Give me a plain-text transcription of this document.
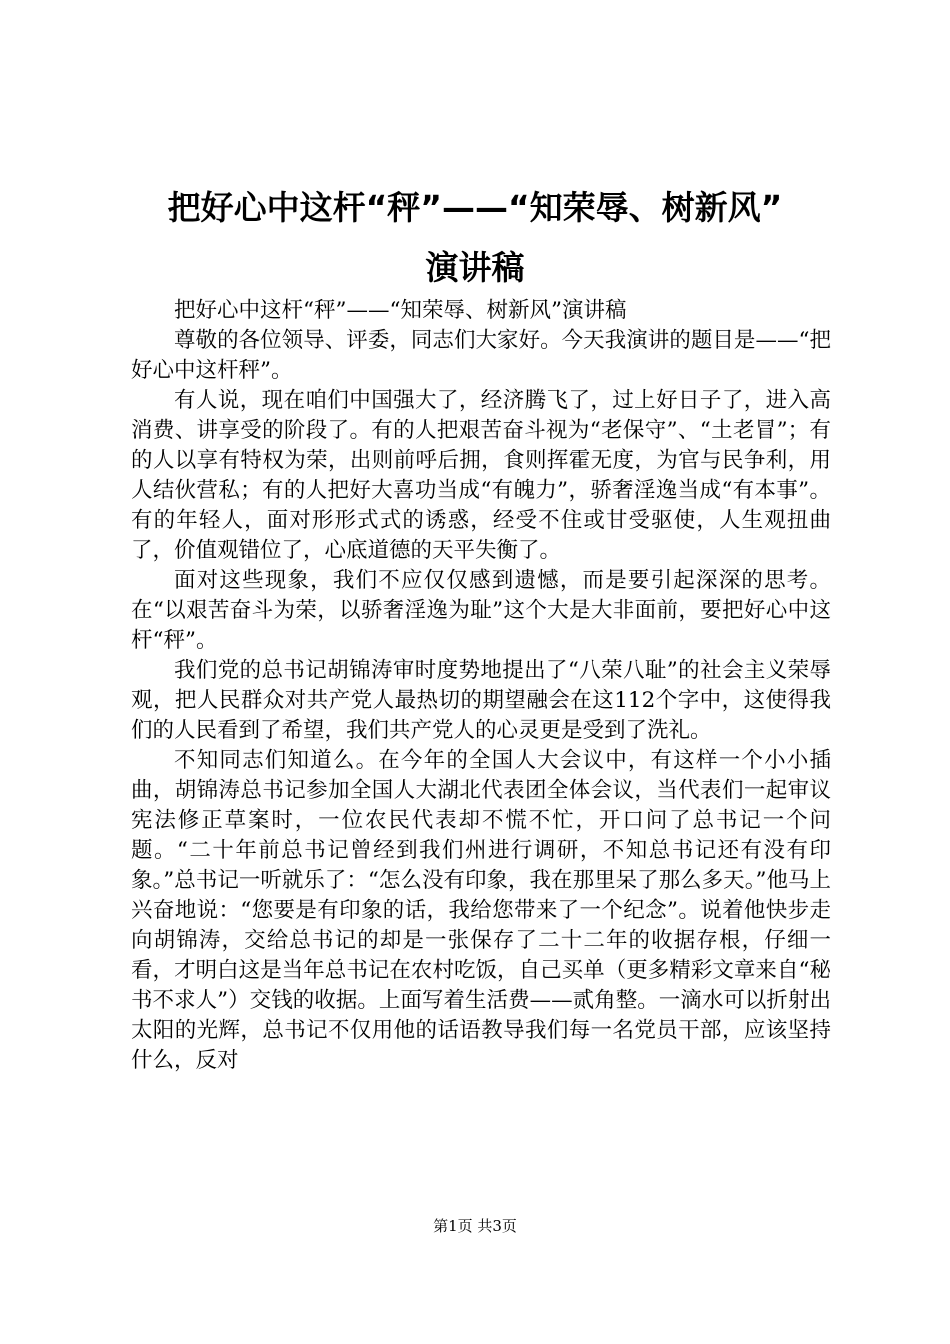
把好心中这杆“秤”——“知荣辱、树新风”
演讲稿

把好心中这杆“秤”——“知荣辱、树新风”演讲稿

尊敬的各位领导、评委，同志们大家好。今天我演讲的题目是——“把好心中这杆秤”。

有人说，现在咱们中国强大了，经济腾飞了，过上好日子了，进入高消费、讲享受的阶段了。有的人把艰苦奋斗视为“老保守”、“土老冒”；有的人以享有特权为荣，出则前呼后拥，食则挥霍无度，为官与民争利，用人结伙营私；有的人把好大喜功当成“有魄力”，骄奢淫逸当成“有本事”。有的年轻人，面对形形式式的诱惑，经受不住或甘受驱使，人生观扭曲了，价值观错位了，心底道德的天平失衡了。

面对这些现象，我们不应仅仅感到遗憾，而是要引起深深的思考。在“以艰苦奋斗为荣，以骄奢淫逸为耻”这个大是大非面前，要把好心中这杆“秤”。

我们党的总书记胡锦涛审时度势地提出了“八荣八耻”的社会主义荣辱观，把人民群众对共产党人最热切的期望融会在这112个字中，这使得我们的人民看到了希望，我们共产党人的心灵更是受到了洗礼。

不知同志们知道么。在今年的全国人大会议中，有这样一个小小插曲，胡锦涛总书记参加全国人大湖北代表团全体会议，当代表们一起审议宪法修正草案时，一位农民代表却不慌不忙，开口问了总书记一个问题。“二十年前总书记曾经到我们州进行调研，不知总书记还有没有印象。”总书记一听就乐了：“怎么没有印象，我在那里呆了那么多天。”他马上兴奋地说：“您要是有印象的话，我给您带来了一个纪念”。说着他快步走向胡锦涛，交给总书记的却是一张保存了二十二年的收据存根，仔细一看，才明白这是当年总书记在农村吃饭，自己买单（更多精彩文章来自“秘书不求人”）交钱的收据。上面写着生活费——贰角整。一滴水可以折射出太阳的光辉，总书记不仅用他的话语教导我们每一名党员干部，应该坚持什么，反对

第1页 共3页
